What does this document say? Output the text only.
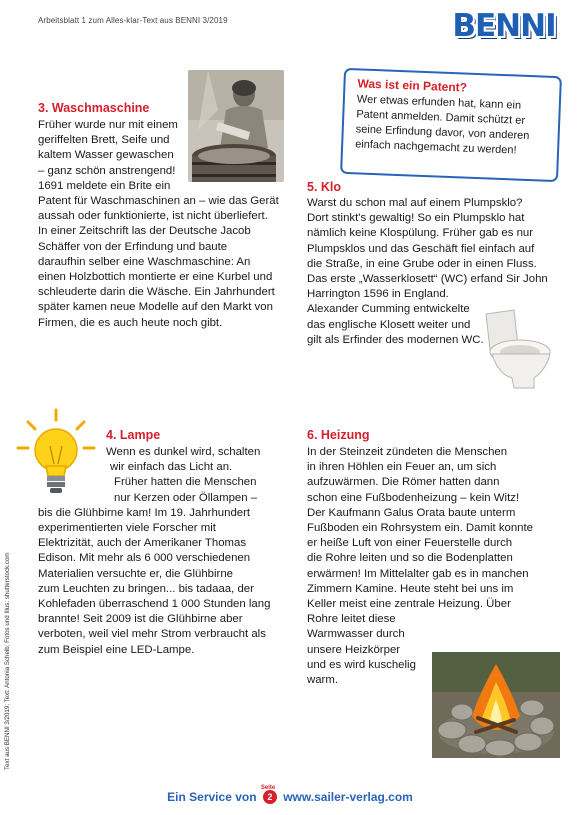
Arbeitsblatt 1 zum Alles-klar-Text aus BENNI 3/2019	BENNI
3. Waschmaschine
Früher wurde nur mit einem
geriffelten Brett, Seife und
kaltem Wasser gewaschen
– ganz schön anstrengend!
1691 meldete ein Brite ein
Patent für Waschmaschinen an – wie das Gerät
aussah oder funktionierte, ist nicht überliefert.
In einer Zeitschrift las der Deutsche Jacob
Schäffer von der Erfindung und baute
daraufhin selber eine Waschmaschine: An
einen Holzbottich montierte er eine Kurbel und
schleuderte darin die Wäsche. Ein Jahrhundert
später kamen neue Modelle auf den Markt von
Firmen, die es auch heute noch gibt.
Was ist ein Patent?
Wer etwas erfunden hat, kann ein
Patent anmelden. Damit schützt er
seine Erfindung davor, von anderen
einfach nachgemacht zu werden!
5. Klo
Warst du schon mal auf einem Plumpsklo?
Dort stinkt's gewaltig! So ein Plumpsklo hat
nämlich keine Klospülung. Früher gab es nur
Plumpsklos und das Geschäft fiel einfach auf
die Straße, in eine Grube oder in einen Fluss.
Das erste „Wasserklosett“ (WC) erfand Sir John
Harrington 1596 in England.
Alexander Cumming entwickelte
das englische Klosett weiter und
gilt als Erfinder des modernen WC.
4. Lampe
Wenn es dunkel wird, schalten
wir einfach das Licht an.
Früher hatten die Menschen
nur Kerzen oder Öllampen –
bis die Glühbirne kam! Im 19. Jahrhundert
experimentierten viele Forscher mit
Elektrizität, auch der Amerikaner Thomas
Edison. Mit mehr als 6 000 verschiedenen
Materialien versuchte er, die Glühbirne
zum Leuchten zu bringen... bis tadaaa, der
Kohlefaden überraschend 1 000 Stunden lang
brannte! Seit 2009 ist die Glühbirne aber
verboten, weil viel mehr Strom verbraucht als
zum Beispiel eine LED-Lampe.
6. Heizung
In der Steinzeit zündeten die Menschen
in ihren Höhlen ein Feuer an, um sich
aufzuwärmen. Die Römer hatten dann
schon eine Fußbodenheizung – kein Witz!
Der Kaufmann Galus Orata baute unterm
Fußboden ein Rohrsystem ein. Damit konnte
er heiße Luft von einer Feuerstelle durch
die Rohre leiten und so die Bodenplatten
erwärmen! Im Mittelalter gab es in manchen
Zimmern Kamine. Heute steht bei uns im
Keller meist eine zentrale Heizung. Über
Rohre leitet diese
Warmwasser durch
unsere Heizkörper
und es wird kuschelig
warm.
Text aus BENNI 3/2019; Text: Antonia Scheib; Fotos und Illus: shutterstock.com
Ein Service von
Seite
2 www.sailer-verlag.com
